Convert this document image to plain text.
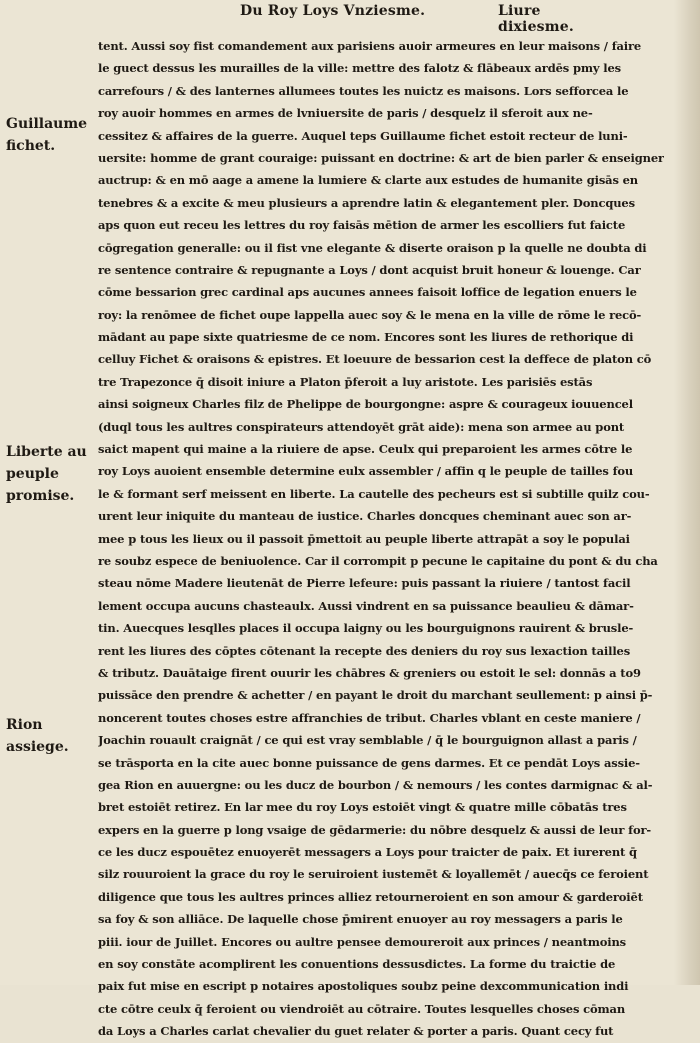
Du Roy Loys Vnziesme.	Liure dixiesme.
Guillaume fichet.
Liberte au peuple promise.
Rion assiege.
tent. Aussi soy fist comandement aux parisiens auoir armeures en leur maisons / faire
le guect dessus les murailles de la ville: mettre des falotz & flābeaux ardēs pmy les
carrefours / & des lanternes allumees toutes les nuictz es maisons. Lors sefforcea le
roy auoir hommes en armes de lvniuersite de paris / desquelz il sferoit aux ne-
cessitez & affaires de la guerre. Auquel teps Guillaume fichet estoit recteur de luni-
uersite: homme de grant couraige: puissant en doctrine: & art de bien parler & enseigner
auctrup: & en mō aage a amene la lumiere & clarte aux estudes de humanite gisās en
tenebres & a excite & meu plusieurs a aprendre latin & elegantement pler. Doncques
aps quon eut receu les lettres du roy faisās mētion de armer les escolliers fut faicte
cōgregation generalle: ou il fist vne elegante & diserte oraison p la quelle ne doubta di
re sentence contraire & repugnante a Loys / dont acquist bruit honeur & louenge. Car
cōme bessarion grec cardinal aps aucunes annees faisoit loffice de legation enuers le
roy: la renōmee de fichet oupe lappella auec soy & le mena en la ville de rōme le recō-
mādant au pape sixte quatriesme de ce nom. Encores sont les liures de rethorique di
celluy Fichet & oraisons & epistres. Et loeuure de bessarion cest la deffece de platon cō
tre Trapezonce q̄ disoit iniure a Platon p̄feroit a luy aristote. Les parisiēs estās
ainsi soigneux Charles filz de Phelippe de bourgongne: aspre & courageux iouuencel
(duql tous les aultres conspirateurs attendoyēt grāt aide): mena son armee au pont
saict mapent qui maine a la riuiere de apse. Ceulx qui preparoient les armes cōtre le
roy Loys auoient ensemble determine eulx assembler / affin q le peuple de tailles fou
le & formant serf meissent en liberte. La cautelle des pecheurs est si subtille quilz cou-
urent leur iniquite du manteau de iustice. Charles doncques cheminant auec son ar-
mee p tous les lieux ou il passoit p̄mettoit au peuple liberte attrapāt a soy le populai
re soubz espece de beniuolence. Car il corrompit p pecune le capitaine du pont & du cha
steau nōme Madere lieutenāt de Pierre lefeure: puis passant la riuiere / tantost facil
lement occupa aucuns chasteaulx. Aussi vindrent en sa puissance beaulieu & dāmar-
tin. Auecques lesqlles places il occupa laigny ou les bourguignons rauirent & brusle-
rent les liures des cōptes cōtenant la recepte des deniers du roy sus lexaction tailles
& tributz. Dauātaige firent ouurir les chābres & greniers ou estoit le sel: donnās a to9
puissāce den prendre & achetter / en payant le droit du marchant seullement: p ainsi p̄-
noncerent toutes choses estre affranchies de tribut. Charles vblant en ceste maniere /
Joachin rouault craignāt / ce qui est vray semblable / q̄ le bourguignon allast a paris /
se trāsporta en la cite auec bonne puissance de gens darmes. Et ce pendāt Loys assie-
gea Rion en auuergne: ou les ducz de bourbon / & nemours / les contes darmignac & al-
bret estoiēt retirez. En lar mee du roy Loys estoiēt vingt & quatre mille cōbatās tres
expers en la guerre p long vsaige de gēdarmerie: du nōbre desquelz & aussi de leur for-
ce les ducz espouētez enuoyerēt messagers a Loys pour traicter de paix. Et iurerent q̄
silz rouuroient la grace du roy le seruiroient iustemēt & loyallemēt / auecq̄s ce feroient
diligence que tous les aultres princes alliez retourneroient en son amour & garderoiēt
sa foy & son alliāce. De laquelle chose p̄mirent enuoyer au roy messagers a paris le
piii. iour de Juillet. Encores ou aultre pensee demoureroit aux princes / neantmoins
en soy constāte acomplirent les conuentions dessusdictes. La forme du traictie de
paix fut mise en escript p notaires apostoliques soubz peine dexcommunication indi
cte cōtre ceulx q̄ feroient ou viendroiēt au cōtraire. Toutes lesquelles choses cōman
da Loys a Charles carlat chevalier du guet relater & porter a paris. Quant cecy fut
